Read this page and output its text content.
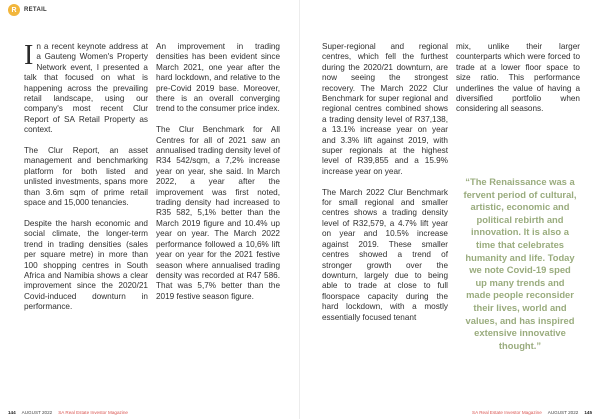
R	RETAIL

In a recent keynote address at a Gauteng Women's Property Network event, I presented a talk that focused on what is happening across the prevailing retail landscape, using our company's most recent Clur Report of SA Retail Property as context.

The Clur Report, an asset management and benchmarking platform for both listed and unlisted investments, spans more than 3.6m sqm of prime retail space and 15,000 tenancies.

Despite the harsh economic and social climate, the longer-term trend in trading densities (sales per square metre) in more than 100 shopping centres in South Africa and Namibia shows a clear improvement since the 2020/21 Covid-induced downturn in performance.

An improvement in trading densities has been evident since March 2021, one year after the hard lockdown, and relative to the pre-Covid 2019 base. Moreover, there is an overall converging trend to the consumer price index.

The Clur Benchmark for All Centres for all of 2021 saw an annualised trading density level of R34 542/sqm, a 7,2% increase year on year, she said. In March 2022, a year after the improvement was first noted, trading density had increased to R35 582, 5,1% better than the March 2019 figure and 10.4% up year on year. The March 2022 performance followed a 10,6% lift year on year for the 2021 festive season where annualised trading density was recorded at R47 586. That was 5,7% better than the 2019 festive season figure.

144 AUGUST 2022 SA Real Estate Investor Magazine

Super-regional and regional centres, which fell the furthest during the 2020/21 downturn, are now seeing the strongest recovery. The March 2022 Clur Benchmark for super regional and regional centres combined shows a trading density level of R37,138, a 13.1% increase year on year and 3.3% lift against 2019, with super regionals at the highest level of R39,855 and a 15.9% increase year on year.

The March 2022 Clur Benchmark for small regional and smaller centres shows a trading density level of R32,579, a 4.7% lift year on year and 10.5% increase against 2019. These smaller centres showed a trend of stronger growth over the downturn, largely due to being able to trade at close to full floorspace capacity during the hard lockdown, with a mostly essentially focused tenant

mix, unlike their larger counterparts which were forced to trade at a lower floor space to size ratio. This performance underlines the value of having a diversified portfolio when considering all seasons.

“The Renaissance was a fervent period of cultural, artistic, economic and political rebirth and innovation. It is also a time that celebrates humanity and life. Today we note Covid-19 sped up many trends and made people reconsider their lives, world and values, and has inspired extensive innovative thought.”
SA Real Estate Investor Magazine AUGUST 2022 145
